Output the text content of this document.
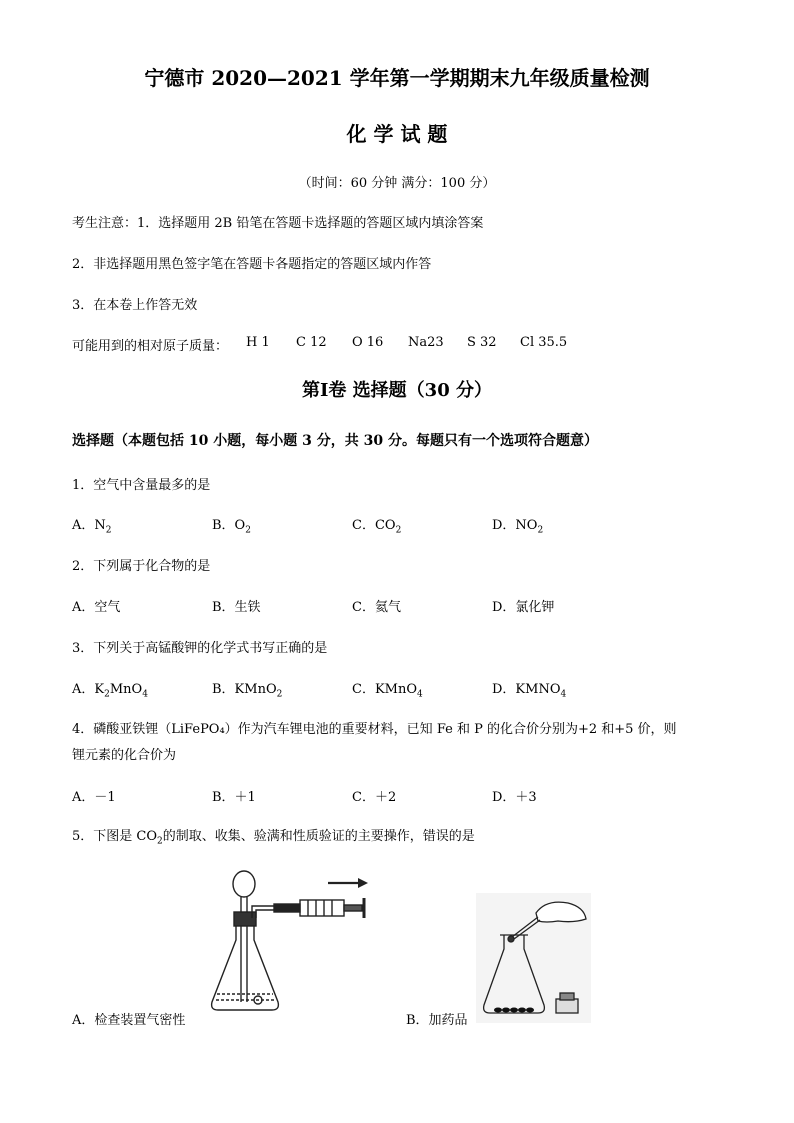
宁德市 2020—2021 学年第一学期期末九年级质量检测
化 学 试 题
（时间：60 分钟 满分：100 分）
考生注意：1．选择题用 2B 铅笔在答题卡选择题的答题区域内填涂答案
2．非选择题用黑色签字笔在答题卡各题指定的答题区域内作答
3．在本卷上作答无效
可能用到的相对原子质量： H 1 C 12 O 16 Na23 S 32 Cl 35.5
第Ⅰ卷 选择题（30 分）
选择题（本题包括 10 小题，每小题 3 分，共 30 分。每题只有一个选项符合题意）
1．空气中含量最多的是
A．$N_2$	B．$O_2$	C．$CO_2$	D．$NO_2$
2．下列属于化合物的是
A．空气	B．生铁	C．氦气	D．氯化钾
3．下列关于高锰酸钾的化学式书写正确的是
A．$K_2MnO_4$	B．KMnO$_2$	C．KMnO$_4$	D．$KMNO_4$
4．磷酸亚铁锂（LiFePO₄）作为汽车锂电池的重要材料，已知 Fe 和 P 的化合价分别为+2 和+5 价，则
锂元素的化合价为
A．－1	B．＋1	C．＋2	D．＋3
5．下图是 $CO_2$的制取、收集、验满和性质验证的主要操作，错误的是
A．检查装置气密性	B．加药品
